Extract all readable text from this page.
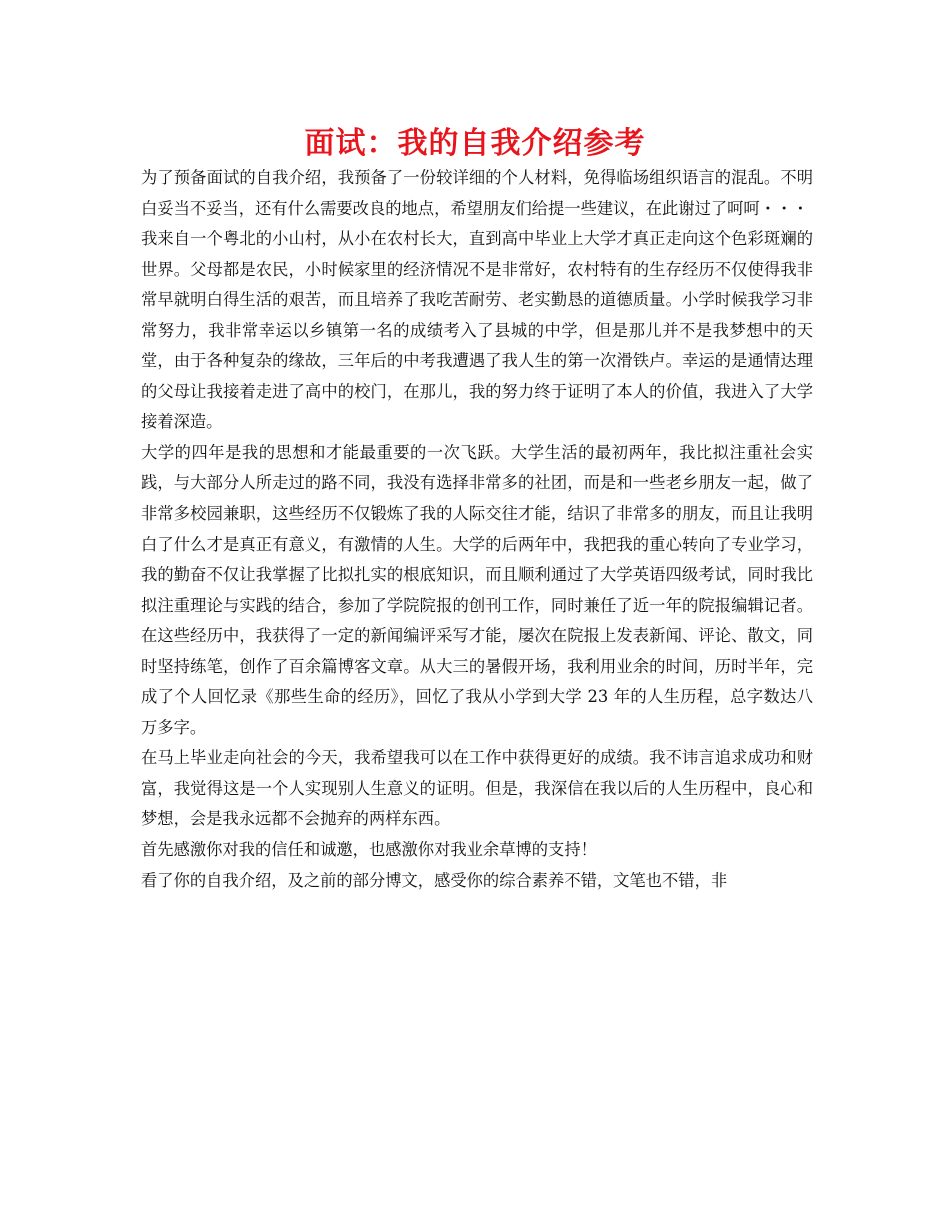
面试：我的自我介绍参考

为了预备面试的自我介绍，我预备了一份较详细的个人材料，免得临场组织语言的混乱。不明白妥当不妥当，还有什么需要改良的地点，希望朋友们给提一些建议，在此谢过了呵呵・・・

我来自一个粤北的小山村，从小在农村长大，直到高中毕业上大学才真正走向这个色彩斑斓的世界。父母都是农民，小时候家里的经济情况不是非常好，农村特有的生存经历不仅使得我非常早就明白得生活的艰苦，而且培养了我吃苦耐劳、老实勤恳的道德质量。小学时候我学习非常努力，我非常幸运以乡镇第一名的成绩考入了县城的中学，但是那儿并不是我梦想中的天堂，由于各种复杂的缘故，三年后的中考我遭遇了我人生的第一次滑铁卢。幸运的是通情达理的父母让我接着走进了高中的校门，在那儿，我的努力终于证明了本人的价值，我进入了大学接着深造。

大学的四年是我的思想和才能最重要的一次飞跃。大学生活的最初两年，我比拟注重社会实践，与大部分人所走过的路不同，我没有选择非常多的社团，而是和一些老乡朋友一起，做了非常多校园兼职，这些经历不仅锻炼了我的人际交往才能，结识了非常多的朋友，而且让我明白了什么才是真正有意义，有激情的人生。大学的后两年中，我把我的重心转向了专业学习，我的勤奋不仅让我掌握了比拟扎实的根底知识，而且顺利通过了大学英语四级考试，同时我比拟注重理论与实践的结合，参加了学院院报的创刊工作，同时兼任了近一年的院报编辑记者。在这些经历中，我获得了一定的新闻编评采写才能，屡次在院报上发表新闻、评论、散文，同时坚持练笔，创作了百余篇博客文章。从大三的暑假开场，我利用业余的时间，历时半年，完成了个人回忆录《那些生命的经历》，回忆了我从小学到大学 23 年的人生历程，总字数达八万多字。

在马上毕业走向社会的今天，我希望我可以在工作中获得更好的成绩。我不讳言追求成功和财富，我觉得这是一个人实现别人生意义的证明。但是，我深信在我以后的人生历程中，良心和梦想，会是我永远都不会抛弃的两样东西。

首先感激你对我的信任和诚邀，也感激你对我业余草博的支持！

看了你的自我介绍，及之前的部分博文，感受你的综合素养不错，文笔也不错，非
